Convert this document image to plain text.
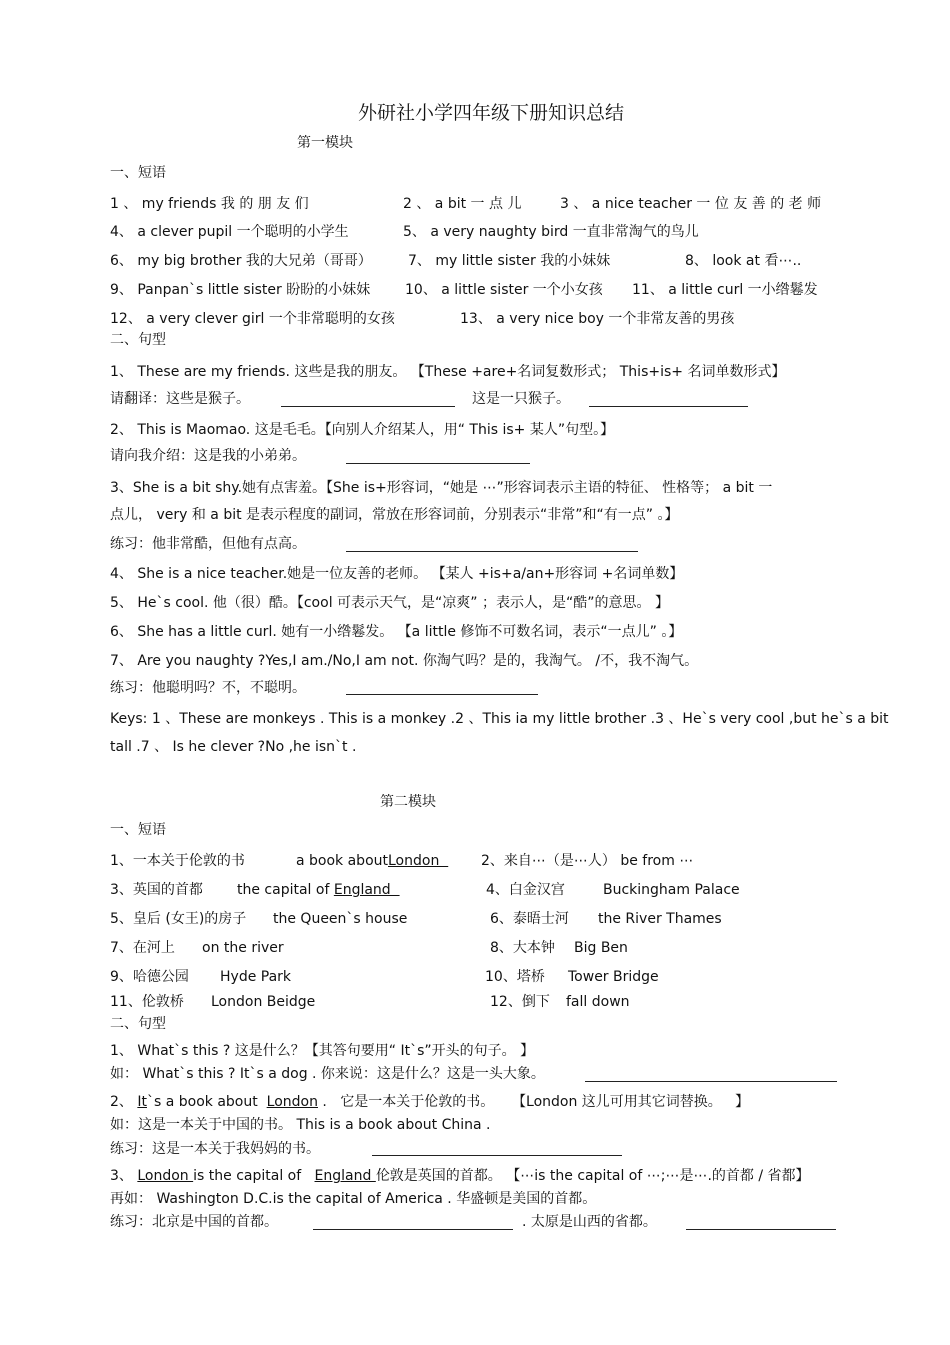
外研社小学四年级下册知识总结
第一模块
一、短语
1 、 my friends 我 的 朋 友 们	2 、 a bit 一 点 儿	3 、 a nice teacher 一 位 友 善 的 老 师
4、 a clever pupil 一个聪明的小学生	5、 a very naughty bird 一直非常淘气的鸟儿
6、 my big brother 我的大兄弟（哥哥）	7、 my little sister 我的小妹妹	8、 look at 看⋯..
9、 Panpan`s little sister 盼盼的小妹妹 10、 a little sister 一个小女孩 11、 a little curl 一小绺鬈发
12、 a very clever girl 一个非常聪明的女孩	13、 a very nice boy 一个非常友善的男孩
二、句型
1、 These are my friends. 这些是我的朋友。 【These +are+名词复数形式； This+is+ 名词单数形式】
请翻译：这些是猴子。	这是一只猴子。
2、 This is Maomao. 这是毛毛。【向别人介绍某人，用“ This is+ 某人”句型。】
请向我介绍：这是我的小弟弟。
3、She is a bit shy.她有点害羞。【She is+形容词，“她是 ⋯”形容词表示主语的特征、 性格等； a bit 一
点儿， very 和 a bit 是表示程度的副词，常放在形容词前，分别表示“非常”和“有一点” 。】
练习：他非常酷，但他有点高。
4、 She is a nice teacher.她是一位友善的老师。 【某人 +is+a/an+形容词 +名词单数】
5、 He`s cool. 他（很）酷。【cool 可表示天气，是“凉爽” ；表示人，是“酷”的意思。 】
6、 She has a little curl. 她有一小绺鬈发。 【a little 修饰不可数名词，表示“一点儿” 。】
7、 Are you naughty ?Yes,I am./No,I am not. 你淘气吗？是的，我淘气。 /不，我不淘气。
练习：他聪明吗？不，不聪明。
Keys: 1 、These are monkeys . This is a monkey .2 、This ia my little brother .3 、He`s very cool ,but he`s a bit
tall .7 、 Is he clever ?No ,he isn`t .
第二模块
一、短语
1、一本关于伦敦的书	a book aboutLondon 2、来自⋯（是⋯人） be from ⋯
3、英国的首都 the capital of England	4、白金汉宫	Buckingham Palace
5、皇后 (女王)的房子 the Queen`s house	6、泰晤士河 the River Thames
7、在河上 on the river	8、大本钟 Big Ben
9、哈德公园 Hyde Park	10、塔桥 Tower Bridge
11、伦敦桥 London Beidge	12、倒下 fall down
二、句型
1、 What`s this ? 这是什么？【其答句要用“ It`s”开头的句子。 】
如： What`s this ? It`s a dog . 你来说：这是什么？这是一头大象。
2、 It`s a book about  London .   它是一本关于伦敦的书。    【London 这儿可用其它词替换。   】
如：这是一本关于中国的书。 This is a book about China .
练习：这是一本关于我妈妈的书。
3、 London is the capital of   England 伦敦是英国的首都。 【⋯is the capital of ⋯;⋯是⋯.的首都 / 省都】
再如： Washington D.C.is the capital of America . 华盛顿是美国的首都。
练习：北京是中国的首都。	. 太原是山西的省都。
